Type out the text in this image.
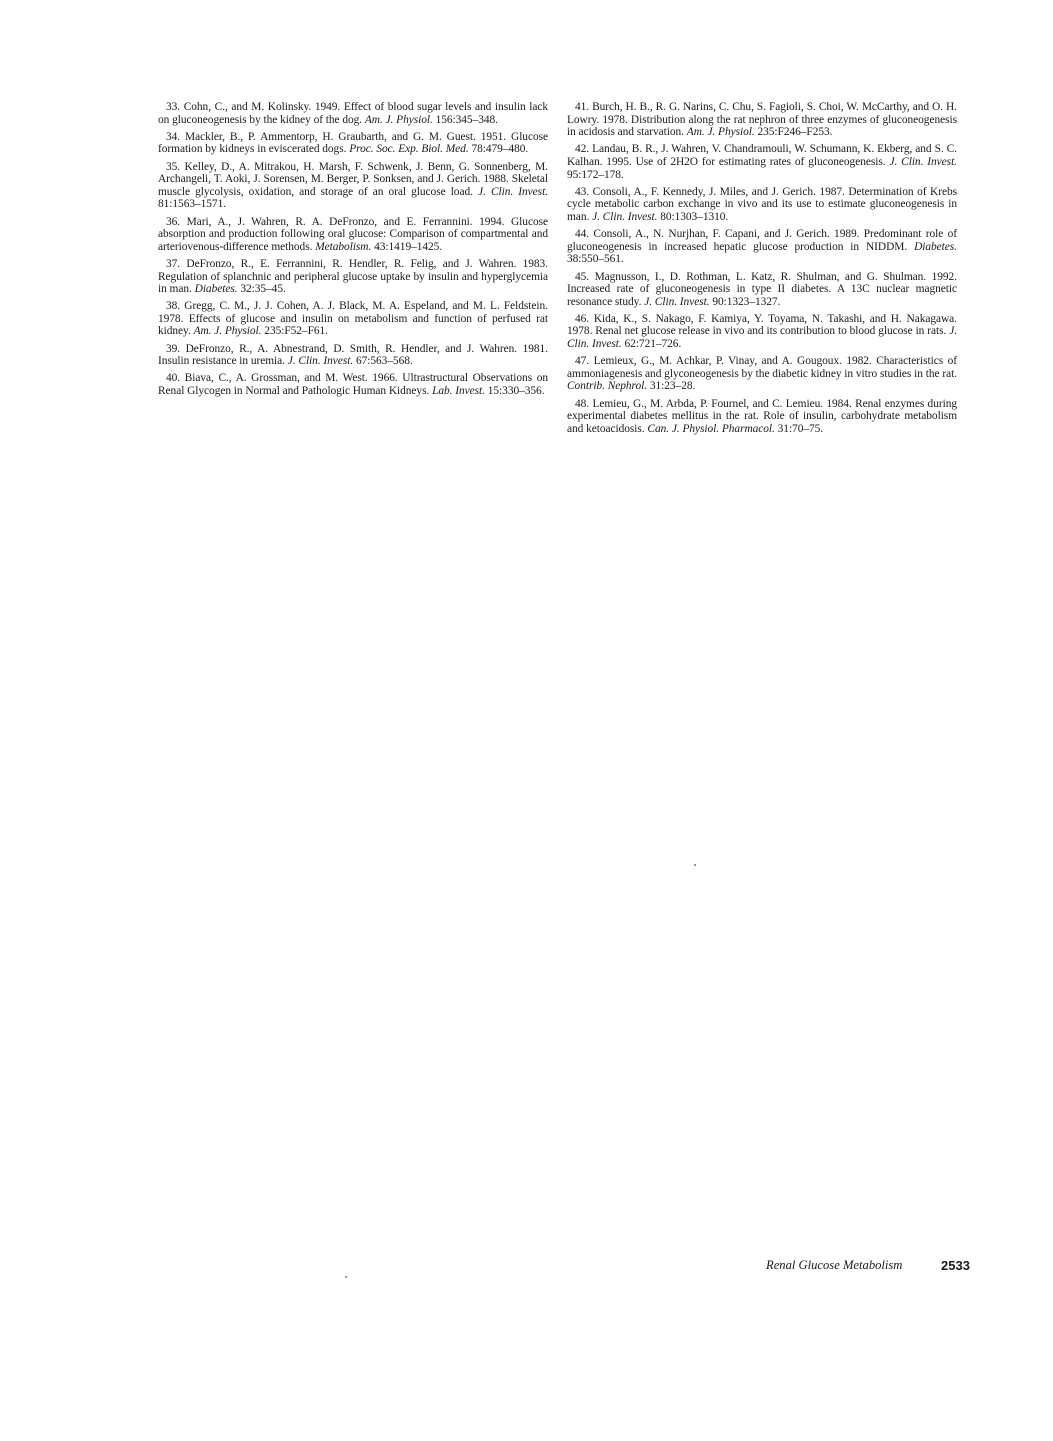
33. Cohn, C., and M. Kolinsky. 1949. Effect of blood sugar levels and insulin lack on gluconeogenesis by the kidney of the dog. Am. J. Physiol. 156:345–348.

34. Mackler, B., P. Ammentorp, H. Graubarth, and G. M. Guest. 1951. Glucose formation by kidneys in eviscerated dogs. Proc. Soc. Exp. Biol. Med. 78:479–480.

35. Kelley, D., A. Mitrakou, H. Marsh, F. Schwenk, J. Benn, G. Sonnenberg, M. Archangeli, T. Aoki, J. Sorensen, M. Berger, P. Sonksen, and J. Gerich. 1988. Skeletal muscle glycolysis, oxidation, and storage of an oral glucose load. J. Clin. Invest. 81:1563–1571.

36. Mari, A., J. Wahren, R. A. DeFronzo, and E. Ferrannini. 1994. Glucose absorption and production following oral glucose: Comparison of compartmental and arteriovenous-difference methods. Metabolism. 43:1419–1425.

37. DeFronzo, R., E. Ferrannini, R. Hendler, R. Felig, and J. Wahren. 1983. Regulation of splanchnic and peripheral glucose uptake by insulin and hyperglycemia in man. Diabetes. 32:35–45.

38. Gregg, C. M., J. J. Cohen, A. J. Black, M. A. Espeland, and M. L. Feldstein. 1978. Effects of glucose and insulin on metabolism and function of perfused rat kidney. Am. J. Physiol. 235:F52–F61.

39. DeFronzo, R., A. Abnestrand, D. Smith, R. Hendler, and J. Wahren. 1981. Insulin resistance in uremia. J. Clin. Invest. 67:563–568.

40. Biava, C., A. Grossman, and M. West. 1966. Ultrastructural Observations on Renal Glycogen in Normal and Pathologic Human Kidneys. Lab. Invest. 15:330–356.

41. Burch, H. B., R. G. Narins, C. Chu, S. Fagioli, S. Choi, W. McCarthy, and O. H. Lowry. 1978. Distribution along the rat nephron of three enzymes of gluconeogenesis in acidosis and starvation. Am. J. Physiol. 235:F246–F253.

42. Landau, B. R., J. Wahren, V. Chandramouli, W. Schumann, K. Ekberg, and S. C. Kalhan. 1995. Use of 2H2O for estimating rates of gluconeogenesis. J. Clin. Invest. 95:172–178.

43. Consoli, A., F. Kennedy, J. Miles, and J. Gerich. 1987. Determination of Krebs cycle metabolic carbon exchange in vivo and its use to estimate gluconeogenesis in man. J. Clin. Invest. 80:1303–1310.

44. Consoli, A., N. Nurjhan, F. Capani, and J. Gerich. 1989. Predominant role of gluconeogenesis in increased hepatic glucose production in NIDDM. Diabetes. 38:550–561.

45. Magnusson, I., D. Rothman, L. Katz, R. Shulman, and G. Shulman. 1992. Increased rate of gluconeogenesis in type II diabetes. A 13C nuclear magnetic resonance study. J. Clin. Invest. 90:1323–1327.

46. Kida, K., S. Nakago, F. Kamiya, Y. Toyama, N. Takashi, and H. Nakagawa. 1978. Renal net glucose release in vivo and its contribution to blood glucose in rats. J. Clin. Invest. 62:721–726.

47. Lemieux, G., M. Achkar, P. Vinay, and A. Gougoux. 1982. Characteristics of ammoniagenesis and glyconeogenesis by the diabetic kidney in vitro studies in the rat. Contrib. Nephrol. 31:23–28.

48. Lemieu, G., M. Arbda, P. Fournel, and C. Lemieu. 1984. Renal enzymes during experimental diabetes mellitus in the rat. Role of insulin, carbohydrate metabolism and ketoacidosis. Can. J. Physiol. Pharmacol. 31:70–75.

Renal Glucose Metabolism	2533
